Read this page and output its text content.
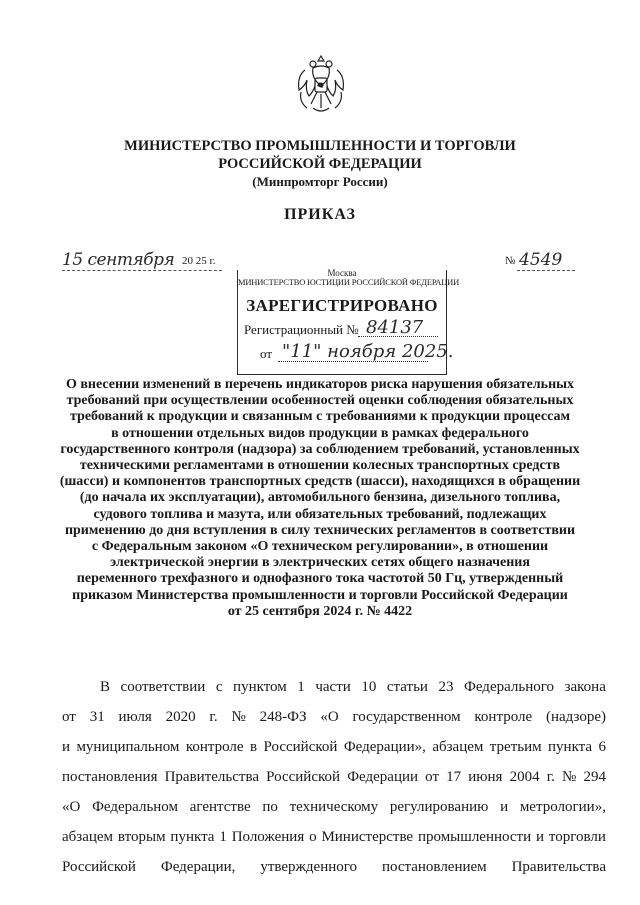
МИНИСТЕРСТВО ПРОМЫШЛЕННОСТИ И ТОРГОВЛИ
РОССИЙСКОЙ ФЕДЕРАЦИИ
(Минпромторг России)
ПРИКАЗ
15 сентября 20 25 г.	№ 4549
Москва
МИНИСТЕРСТВО ЮСТИЦИИ РОССИЙСКОЙ ФЕДЕРАЦИИ
ЗАРЕГИСТРИРОВАНО
Регистрационный № 84137
от "11" ноября 2025.
О внесении изменений в перечень индикаторов риска нарушения обязательных
требований при осуществлении особенностей оценки соблюдения обязательных
требований к продукции и связанным с требованиями к продукции процессам
в отношении отдельных видов продукции в рамках федерального
государственного контроля (надзора) за соблюдением требований, установленных
техническими регламентами в отношении колесных транспортных средств
(шасси) и компонентов транспортных средств (шасси), находящихся в обращении
(до начала их эксплуатации), автомобильного бензина, дизельного топлива,
судового топлива и мазута, или обязательных требований, подлежащих
применению до дня вступления в силу технических регламентов в соответствии
с Федеральным законом «О техническом регулировании», в отношении
электрической энергии в электрических сетях общего назначения
переменного трехфазного и однофазного тока частотой 50 Гц, утвержденный
приказом Министерства промышленности и торговли Российской Федерации
от 25 сентября 2024 г. № 4422
В соответствии с пунктом 1 части 10 статьи 23 Федерального закона
от 31 июля 2020 г. № 248-ФЗ «О государственном контроле (надзоре)
и муниципальном контроле в Российской Федерации», абзацем третьим пункта 6
постановления Правительства Российской Федерации от 17 июня 2004 г. № 294
«О Федеральном агентстве по техническому регулированию и метрологии»,
абзацем вторым пункта 1 Положения о Министерстве промышленности и торговли
Российской Федерации, утвержденного постановлением Правительства
